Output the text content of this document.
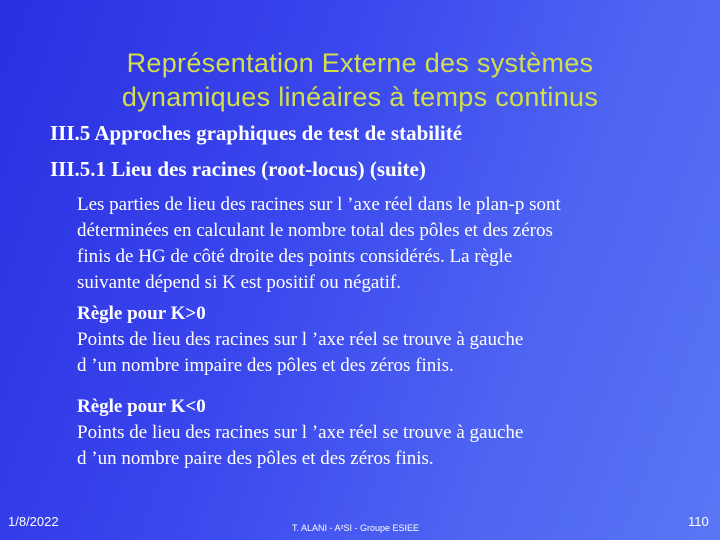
Représentation Externe des systèmes
dynamiques linéaires à temps continus
III.5 Approches graphiques de test de stabilité
III.5.1 Lieu des racines (root-locus) (suite)
Les parties de lieu des racines sur l ’axe réel dans le plan-p sont
déterminées en calculant le nombre total des pôles et des zéros
finis de HG de côté droite des points considérés. La règle
suivante dépend si K est positif ou négatif.
Règle pour K>0
Points de lieu des racines sur l ’axe réel se trouve à gauche
d ’un nombre impaire des pôles et des zéros finis.
Règle pour K<0
Points de lieu des racines sur l ’axe réel se trouve à gauche
d ’un nombre paire des pôles et des zéros finis.
1/8/2022	T. ALANI - A²SI - Groupe ESIEE	110
